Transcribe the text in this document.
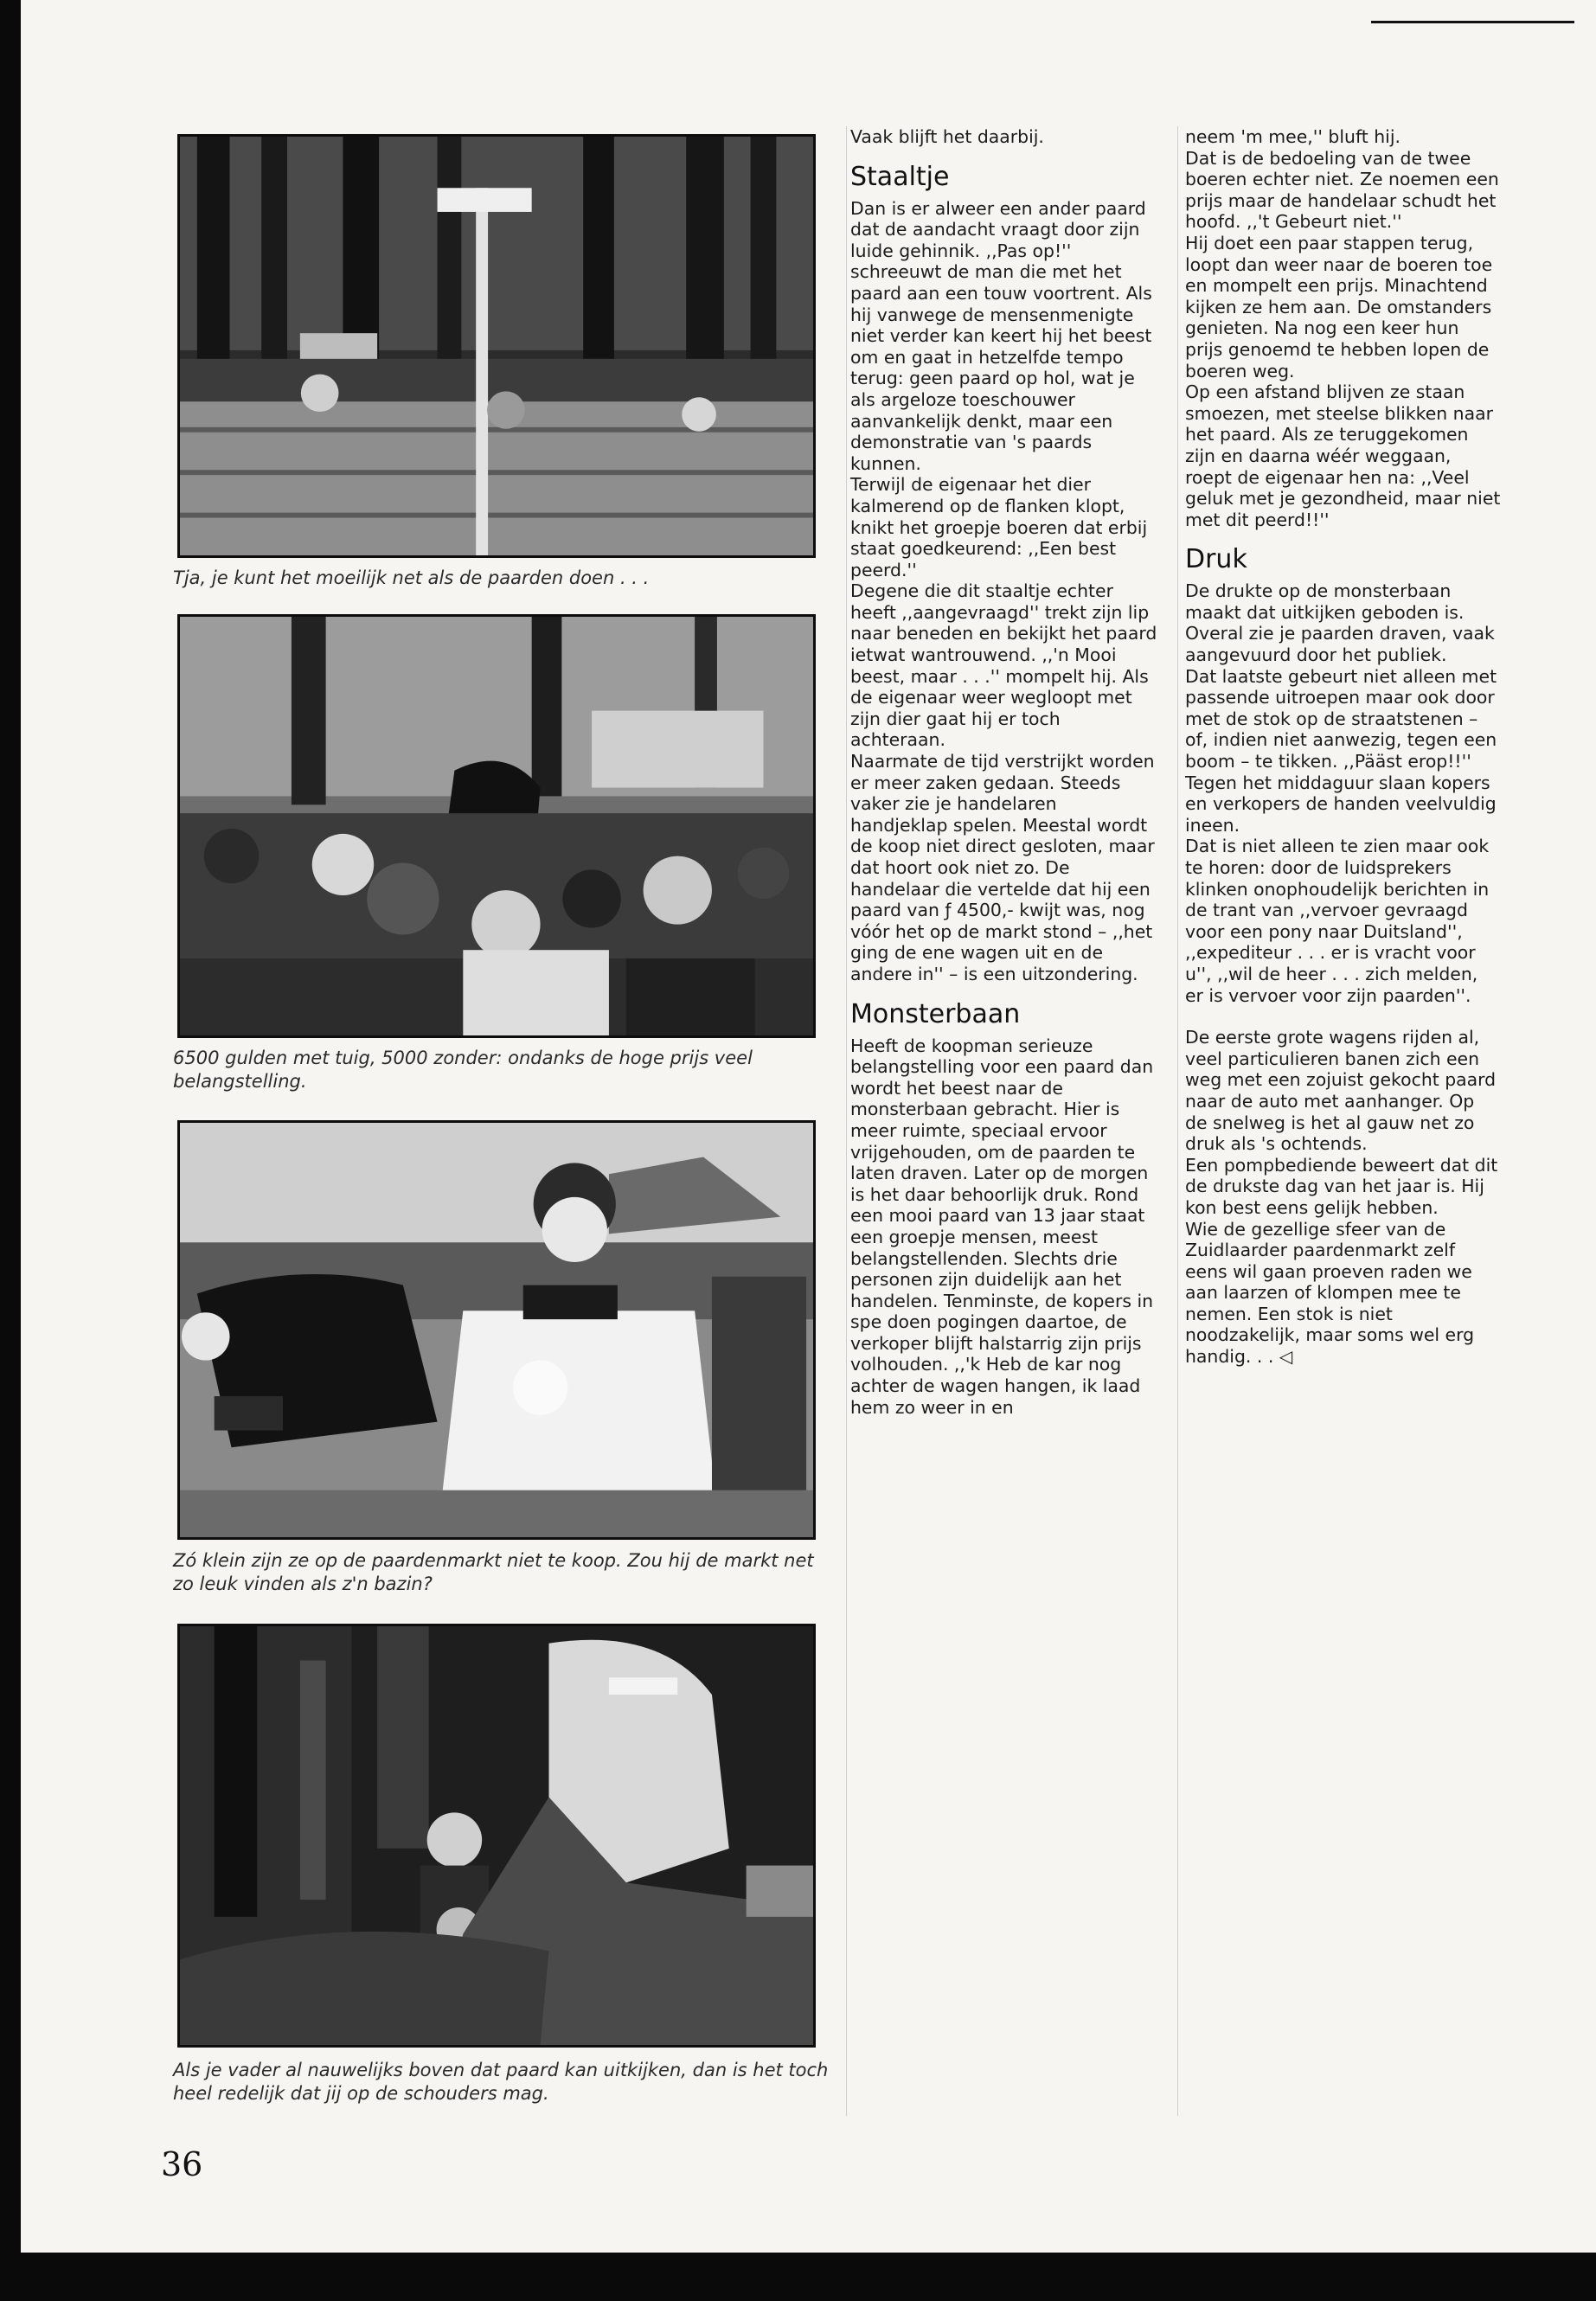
Tja, je kunt het moeilijk net als de paarden doen . . .
6500 gulden met tuig, 5000 zonder: ondanks de hoge prijs veel belangstelling.
Zó klein zijn ze op de paardenmarkt niet te koop. Zou hij de markt net zo leuk vinden als z'n bazin?
Als je vader al nauwelijks boven dat paard kan uitkijken, dan is het toch heel redelijk dat jij op de schouders mag.

Vaak blijft het daarbij.

Staaltje

Dan is er alweer een ander paard dat de aandacht vraagt door zijn luide gehinnik. ,,Pas op!'' schreeuwt de man die met het paard aan een touw voortrent. Als hij vanwege de mensenmenigte niet verder kan keert hij het beest om en gaat in hetzelfde tempo terug: geen paard op hol, wat je als argeloze toeschouwer aanvankelijk denkt, maar een demonstratie van 's paards kunnen.

Terwijl de eigenaar het dier kalmerend op de flanken klopt, knikt het groepje boeren dat erbij staat goedkeurend: ,,Een best peerd.''

Degene die dit staaltje echter heeft ,,aangevraagd'' trekt zijn lip naar beneden en bekijkt het paard ietwat wantrouwend. ,,'n Mooi beest, maar . . .'' mompelt hij. Als de eigenaar weer wegloopt met zijn dier gaat hij er toch achteraan.

Naarmate de tijd verstrijkt worden er meer zaken gedaan. Steeds vaker zie je handelaren handjeklap spelen. Meestal wordt de koop niet direct gesloten, maar dat hoort ook niet zo. De handelaar die vertelde dat hij een paard van ƒ 4500,- kwijt was, nog vóór het op de markt stond – ,,het ging de ene wagen uit en de andere in'' – is een uitzondering.

Monsterbaan

Heeft de koopman serieuze belangstelling voor een paard dan wordt het beest naar de monsterbaan gebracht. Hier is meer ruimte, speciaal ervoor vrijgehouden, om de paarden te laten draven. Later op de morgen is het daar behoorlijk druk. Rond een mooi paard van 13 jaar staat een groepje mensen, meest belangstellenden. Slechts drie personen zijn duidelijk aan het handelen. Tenminste, de kopers in spe doen pogingen daartoe, de verkoper blijft halstarrig zijn prijs volhouden. ,,'k Heb de kar nog achter de wagen hangen, ik laad hem zo weer in en

neem 'm mee,'' bluft hij.

Dat is de bedoeling van de twee boeren echter niet. Ze noemen een prijs maar de handelaar schudt het hoofd. ,,'t Gebeurt niet.''

Hij doet een paar stappen terug, loopt dan weer naar de boeren toe en mompelt een prijs. Minachtend kijken ze hem aan. De omstanders genieten. Na nog een keer hun prijs genoemd te hebben lopen de boeren weg.

Op een afstand blijven ze staan smoezen, met steelse blikken naar het paard. Als ze teruggekomen zijn en daarna wéér weggaan, roept de eigenaar hen na: ,,Veel geluk met je gezondheid, maar niet met dit peerd!!''

Druk

De drukte op de monsterbaan maakt dat uitkijken geboden is. Overal zie je paarden draven, vaak aangevuurd door het publiek.

Dat laatste gebeurt niet alleen met passende uitroepen maar ook door met de stok op de straatstenen – of, indien niet aanwezig, tegen een boom – te tikken. ,,Pääst erop!!''

Tegen het middaguur slaan kopers en verkopers de handen veelvuldig ineen.

Dat is niet alleen te zien maar ook te horen: door de luidsprekers klinken onophoudelijk berichten in de trant van ,,vervoer gevraagd voor een pony naar Duitsland'', ,,expediteur . . . er is vracht voor u'', ,,wil de heer . . . zich melden, er is vervoer voor zijn paarden''.

De eerste grote wagens rijden al, veel particulieren banen zich een weg met een zojuist gekocht paard naar de auto met aanhanger. Op de snelweg is het al gauw net zo druk als 's ochtends.

Een pompbediende beweert dat dit de drukste dag van het jaar is. Hij kon best eens gelijk hebben.

Wie de gezellige sfeer van de Zuidlaarder paardenmarkt zelf eens wil gaan proeven raden we aan laarzen of klompen mee te nemen. Een stok is niet noodzakelijk, maar soms wel erg handig. . . ◁

36
